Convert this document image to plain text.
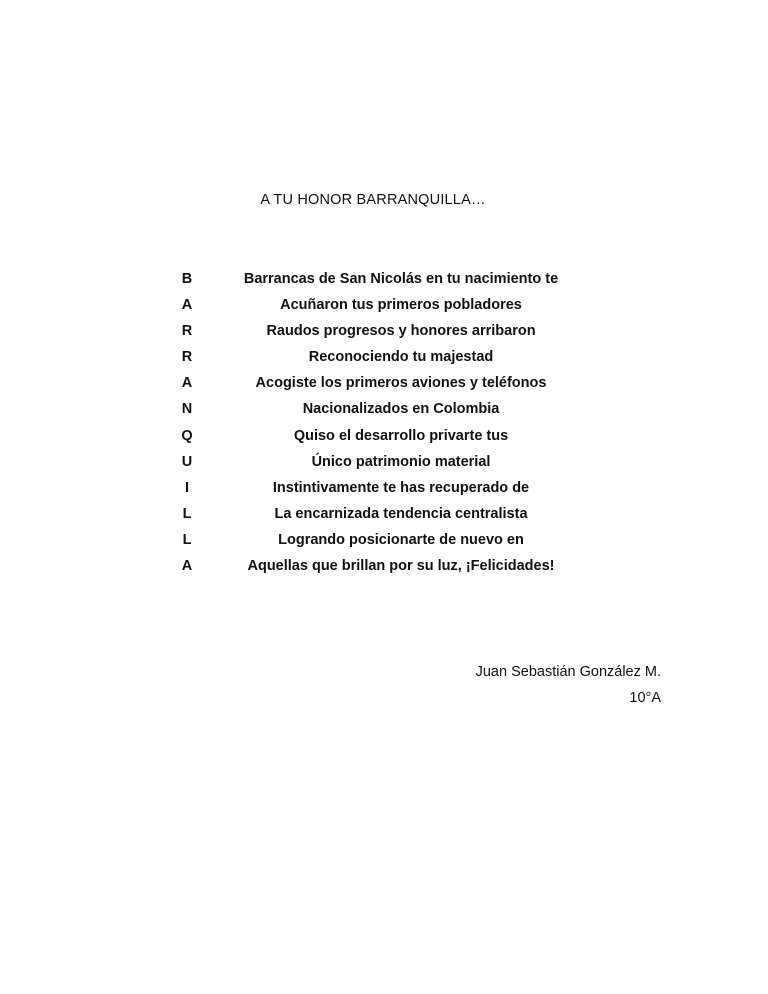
A TU HONOR BARRANQUILLA…
B	Barrancas de San Nicolás en tu nacimiento te
A	Acuñaron tus primeros pobladores
R	Raudos progresos y honores arribaron
R	Reconociendo tu majestad
A	Acogiste los primeros aviones y teléfonos
N	Nacionalizados en Colombia
Q	Quiso el desarrollo privarte tus
U	Único patrimonio material
I	Instintivamente te has recuperado de
L	La encarnizada tendencia centralista
L	Logrando posicionarte de nuevo en
A	Aquellas que brillan por su luz, ¡Felicidades!
Juan Sebastián González M.
10°A
